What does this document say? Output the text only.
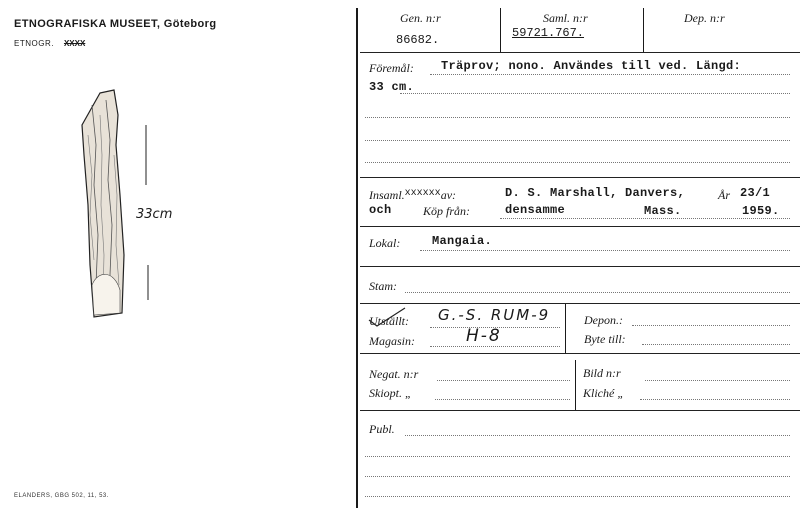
ETNOGRAFISKA MUSEET, Göteborg
ETNOGR. XXXX
33cm
ELANDERS, GBG 502, 11, 53.
Gen. n:r
86682.
Saml. n:r
59721.767.
Dep. n:r
Föremål: Träprov; nono. Användes till ved. Längd:
33 cm.
Insaml.$^{xxxxxx}$av:	D. S. Marshall, Danvers,	År 23/1
och	Köp från:	densamme	Mass.	1959.
Lokal:	Mangaia.
Stam:
Utställt: G.-S. RUM-9
Magasin:	H-8
Depon.:
Byte till:
Negat. n:r	Bild n:r
Skiopt. „	Kliché „
Publ.
